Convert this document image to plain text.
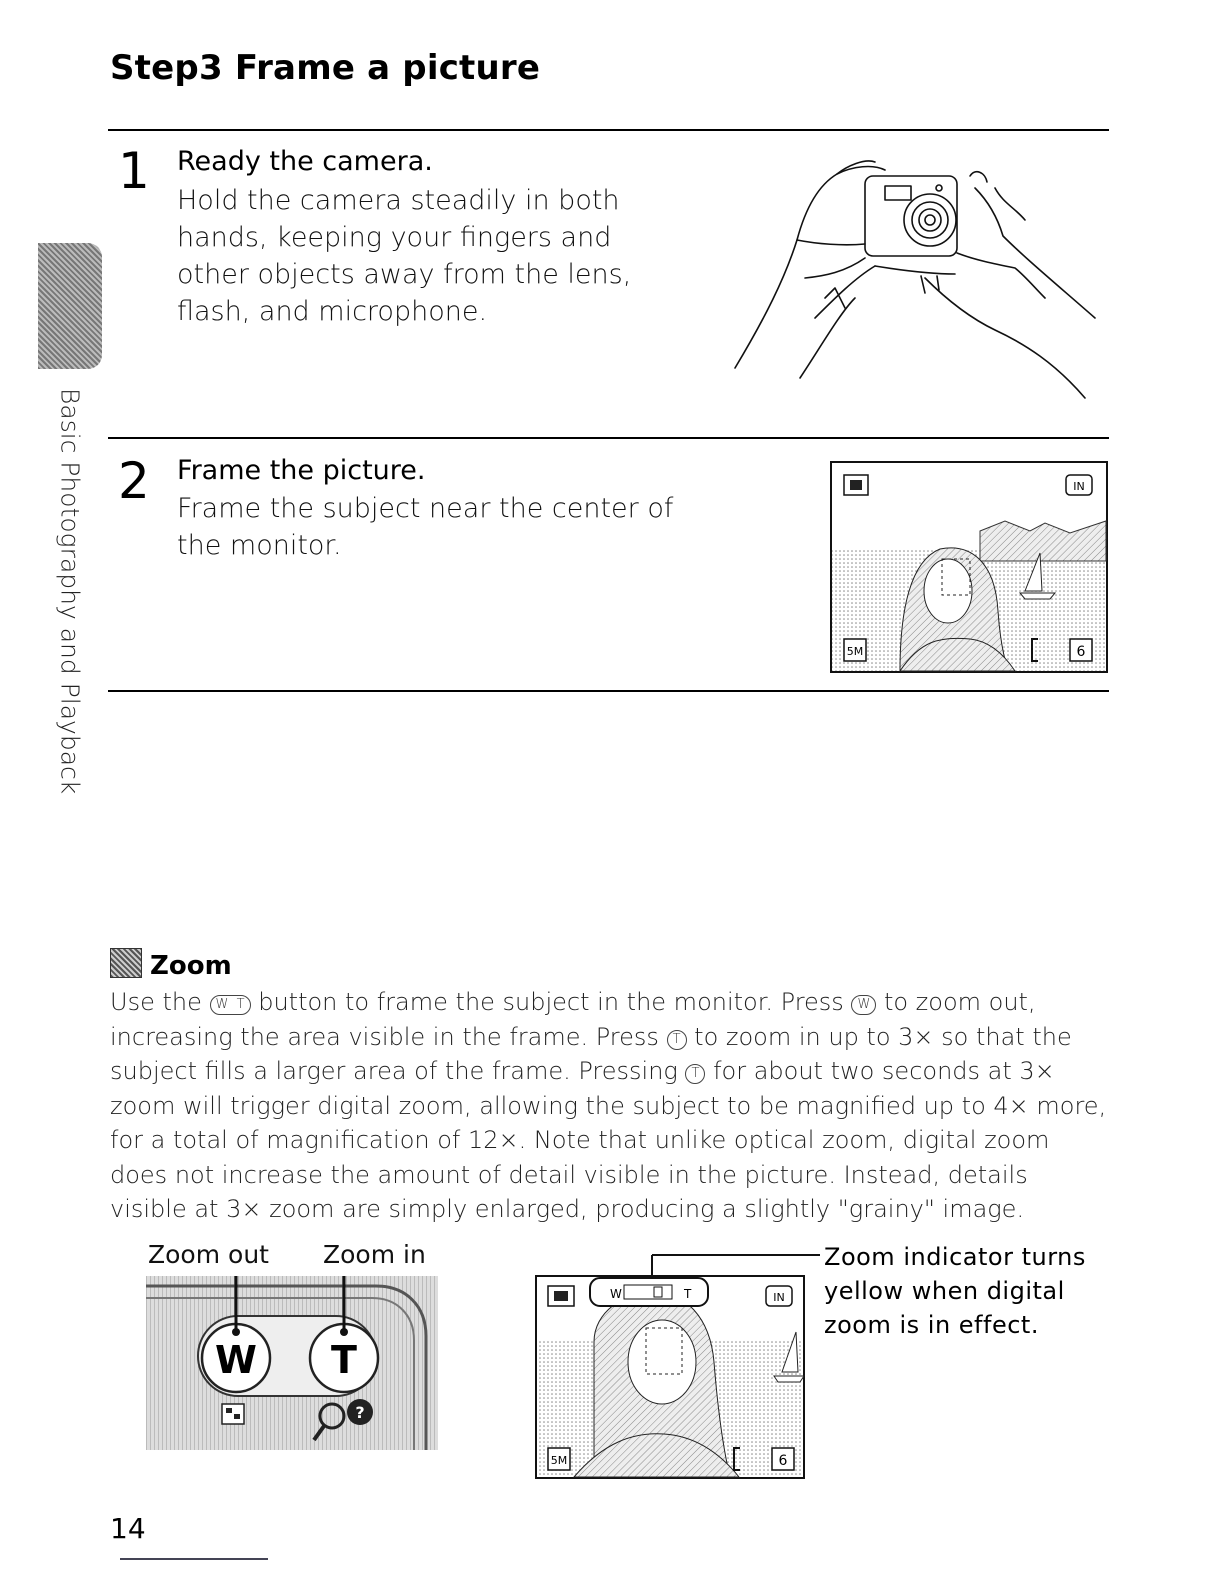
Step3 Frame a picture
Basic Photography and Playback
1 Ready the camera.
Hold the camera steadily in both
hands, keeping your fingers and
other objects away from the lens,
flash, and microphone.
2 Frame the picture.
Frame the subject near the center of
the monitor.
IN
5M	6
Zoom
Use the W T button to frame the subject in the monitor. Press W to zoom out, increasing the area visible in the frame. Press T to zoom in up to 3× so that the subject fills a larger area of the frame. Pressing T for about two seconds at 3× zoom will trigger digital zoom, allowing the subject to be magnified up to 4× more, for a total of magnification of 12×. Note that unlike optical zoom, digital zoom does not increase the amount of detail visible in the picture. Instead, details visible at 3× zoom are simply enlarged, producing a slightly "grainy" image.
Zoom out Zoom in
W T
?
W	T	IN
5M	6
Zoom indicator turns
yellow when digital
zoom is in effect.
14
